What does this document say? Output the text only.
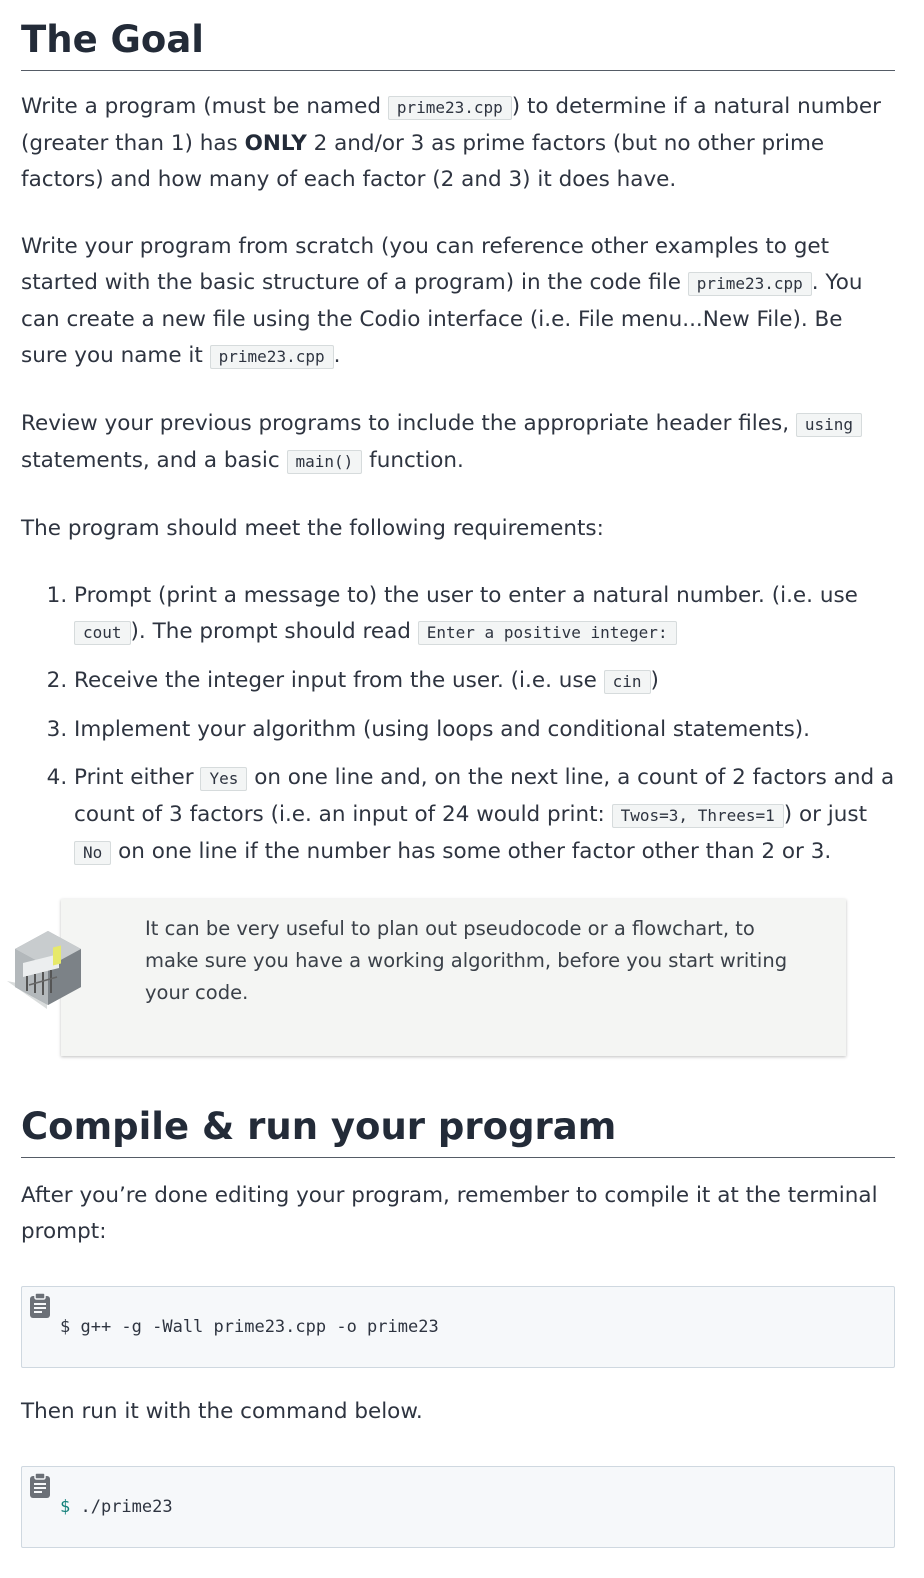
The Goal

Write a program (must be named prime23.cpp ) to determine if a natural number (greater than 1) has ONLY 2 and/or 3 as prime factors (but no other prime factors) and how many of each factor (2 and 3) it does have.

Write your program from scratch (you can reference other examples to get started with the basic structure of a program) in the code file prime23.cpp . You can create a new file using the Codio interface (i.e. File menu...New File). Be sure you name it prime23.cpp .

Review your previous programs to include the appropriate header files, using statements, and a basic main() function.

The program should meet the following requirements:

1. Prompt (print a message to) the user to enter a natural number. (i.e. use cout ). The prompt should read Enter a positive integer:
2. Receive the integer input from the user. (i.e. use cin )
3. Implement your algorithm (using loops and conditional statements).
4. Print either Yes on one line and, on the next line, a count of 2 factors and a count of 3 factors (i.e. an input of 24 would print: Twos=3, Threes=1 ) or just No on one line if the number has some other factor other than 2 or 3.
It can be very useful to plan out pseudocode or a flowchart, to make sure you have a working algorithm, before you start writing your code.
Compile & run your program

After you’re done editing your program, remember to compile it at the terminal prompt:

$ g++ -g -Wall prime23.cpp -o prime23

Then run it with the command below.

$ ./prime23
